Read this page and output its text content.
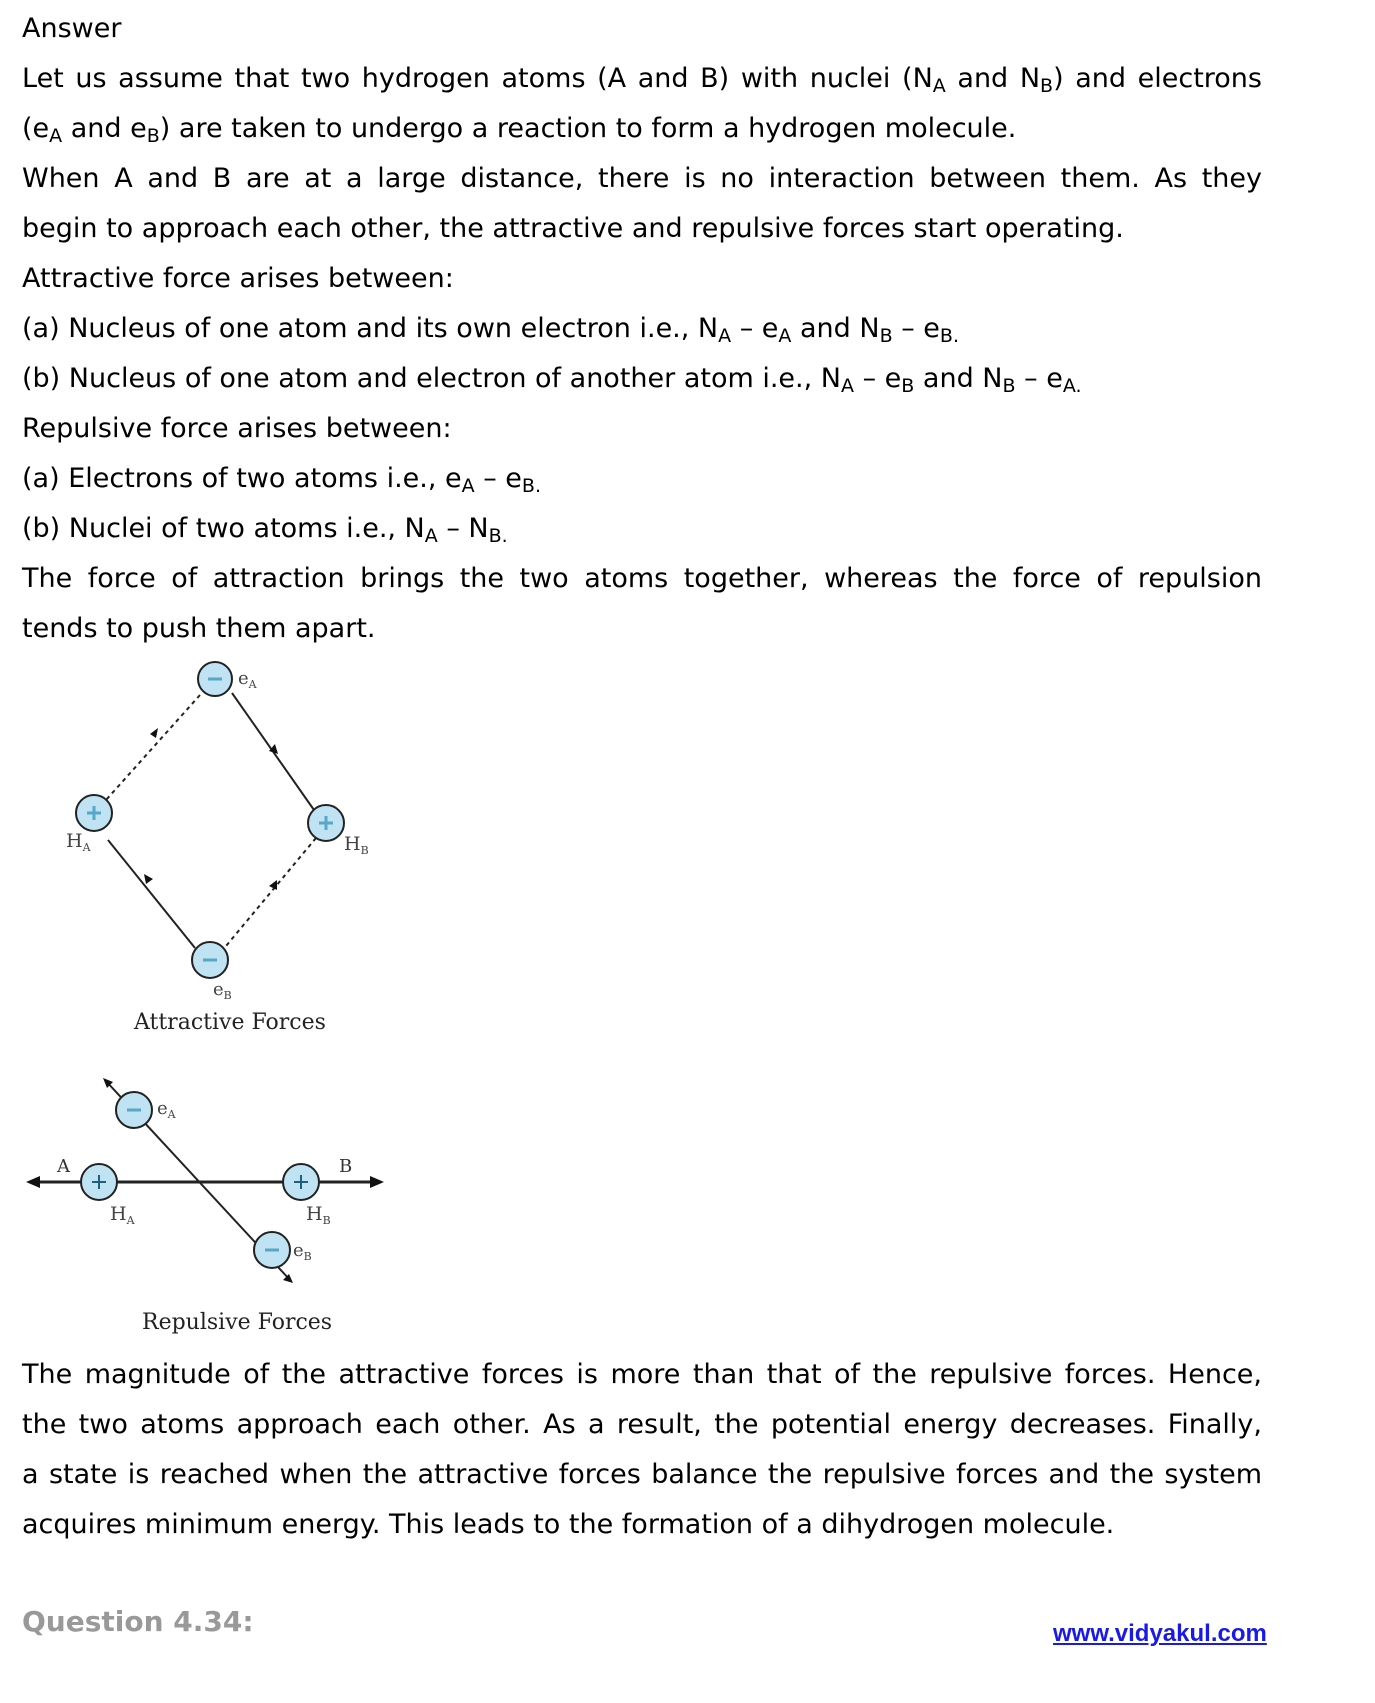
Answer

Let us assume that two hydrogen atoms (A and B) with nuclei ($N_A$ and $N_B$) and electrons

($e_A$ and $e_B$) are taken to undergo a reaction to form a hydrogen molecule.

When A and B are at a large distance, there is no interaction between them. As they

begin to approach each other, the attractive and repulsive forces start operating.

Attractive force arises between:

(a) Nucleus of one atom and its own electron i.e., $N_A - e_A$ and $N_B - e_{B.}$

(b) Nucleus of one atom and electron of another atom i.e., $N_A - e_B$ and $N_B - e_{A.}$

Repulsive force arises between:

(a) Electrons of two atoms i.e., $e_A - e_{B.}$

(b) Nuclei of two atoms i.e., $N_A - N_{B.}$

The force of attraction brings the two atoms together, whereas the force of repulsion

tends to push them apart.

$e_A$
$H_A$	$H_B$
$e_B$
Attractive Forces
A	B
$e_A$
$H_A$	$H_B$
$e_B$
Repulsive Forces

The magnitude of the attractive forces is more than that of the repulsive forces. Hence,

the two atoms approach each other. As a result, the potential energy decreases. Finally,

a state is reached when the attractive forces balance the repulsive forces and the system

acquires minimum energy. This leads to the formation of a dihydrogen molecule.

Question 4.34:	www.vidyakul.com
